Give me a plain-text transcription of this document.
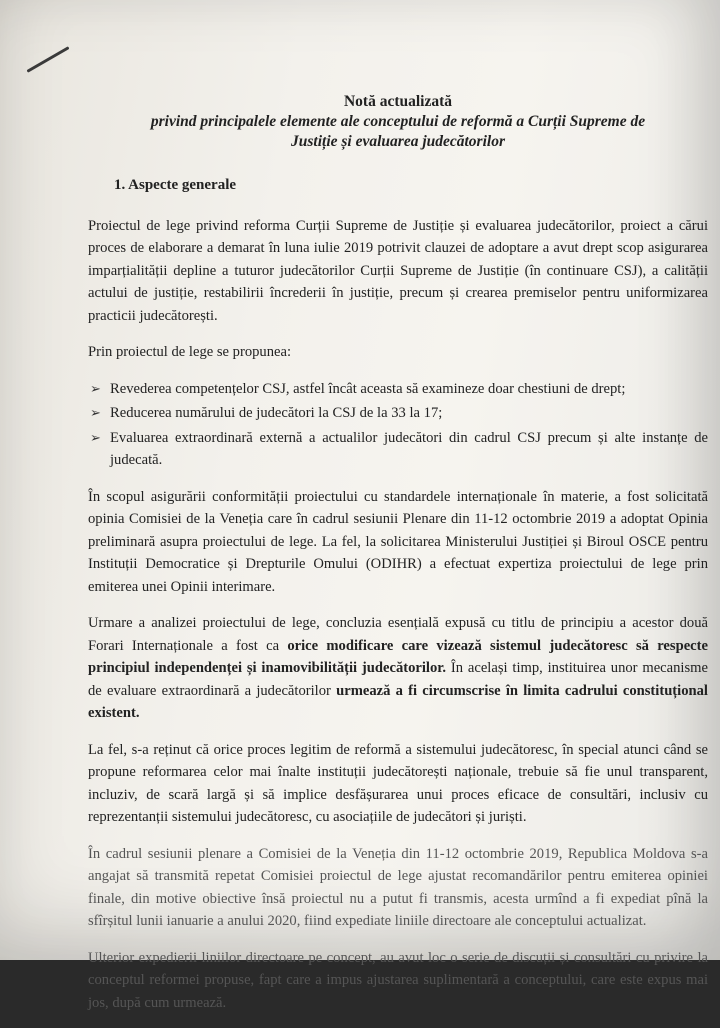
Notă actualizată
privind principalele elemente ale conceptului de reformă a Curții Supreme de
Justiție și evaluarea judecătorilor
1. Aspecte generale

Proiectul de lege privind reforma Curții Supreme de Justiție și evaluarea judecătorilor, proiect a cărui proces de elaborare a demarat în luna iulie 2019 potrivit clauzei de adoptare a avut drept scop asigurarea imparțialității depline a tuturor judecătorilor Curții Supreme de Justiție (în continuare CSJ), a calității actului de justiție, restabilirii încrederii în justiție, precum și crearea premiselor pentru uniformizarea practicii judecătorești.

Prin proiectul de lege se propunea:

➢ Revederea competențelor CSJ, astfel încât aceasta să examineze doar chestiuni de drept;
➢ Reducerea numărului de judecători la CSJ de la 33 la 17;
➢ Evaluarea extraordinară externă a actualilor judecători din cadrul CSJ precum și alte instanțe de judecată.

În scopul asigurării conformității proiectului cu standardele internaționale în materie, a fost solicitată opinia Comisiei de la Veneția care în cadrul sesiunii Plenare din 11-12 octombrie 2019 a adoptat Opinia preliminară asupra proiectului de lege. La fel, la solicitarea Ministerului Justiției și Biroul OSCE pentru Instituții Democratice și Drepturile Omului (ODIHR) a efectuat expertiza proiectului de lege prin emiterea unei Opinii interimare.

Urmare a analizei proiectului de lege, concluzia esențială expusă cu titlu de principiu a acestor două Forari Internaționale a fost ca orice modificare care vizează sistemul judecătoresc să respecte principiul independenței și inamovibilității judecătorilor. În același timp, instituirea unor mecanisme de evaluare extraordinară a judecătorilor urmează a fi circumscrise în limita cadrului constituțional existent.

La fel, s-a reținut că orice proces legitim de reformă a sistemului judecătoresc, în special atunci când se propune reformarea celor mai înalte instituții judecătorești naționale, trebuie să fie unul transparent, incluziv, de scară largă și să implice desfășurarea unui proces eficace de consultări, inclusiv cu reprezentanții sistemului judecătoresc, cu asociațiile de judecători și juriști.

În cadrul sesiunii plenare a Comisiei de la Veneția din 11-12 octombrie 2019, Republica Moldova s-a angajat să transmită repetat Comisiei proiectul de lege ajustat recomandărilor pentru emiterea opiniei finale, din motive obiective însă proiectul nu a putut fi transmis, acesta urmînd a fi expediat pînă la sfîrșitul lunii ianuarie a anului 2020, fiind expediate liniile directoare ale conceptului actualizat.

Ulterior expedierii liniilor directoare pe concept, au avut loc o serie de discuții și consultări cu privire la conceptul reformei propuse, fapt care a impus ajustarea suplimentară a conceptului, care este expus mai jos, după cum urmează.
